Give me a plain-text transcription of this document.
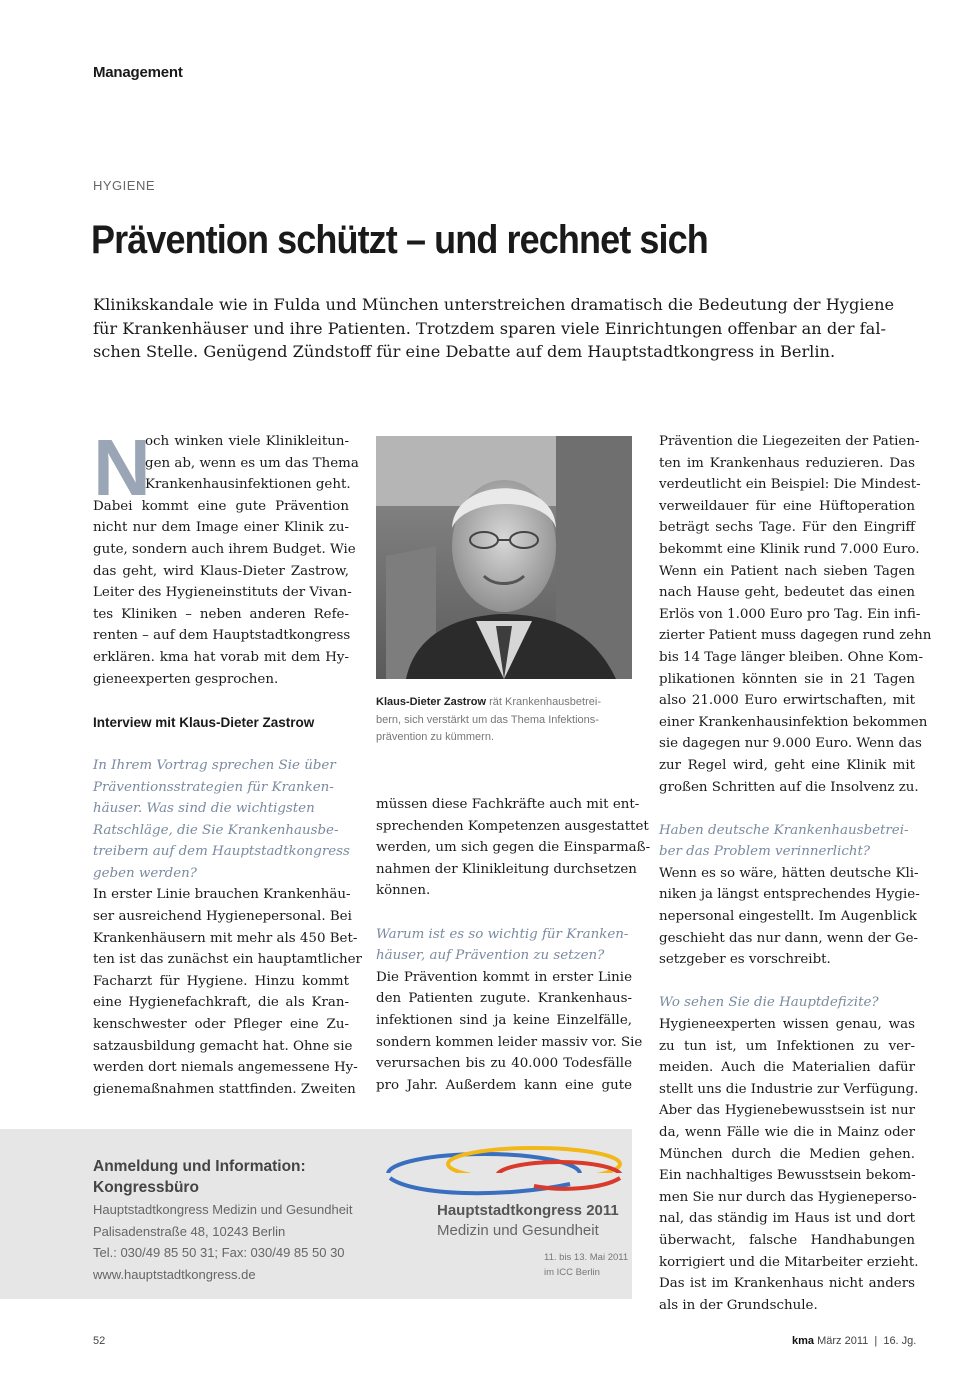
Management
HYGIENE
Prävention schützt – und rechnet sich
Klinikskandale wie in Fulda und München unterstreichen dramatisch die Bedeutung der Hygiene
für Krankenhäuser und ihre Patienten. Trotzdem sparen viele Einrichtungen offenbar an der fal-
schen Stelle. Genügend Zündstoff für eine Debatte auf dem Hauptstadtkongress in Berlin.
N
och winken viele Klinikleitun-
gen ab, wenn es um das Thema
Krankenhausinfektionen geht.
Dabei kommt eine gute Prävention
nicht nur dem Image einer Klinik zu-
gute, sondern auch ihrem Budget. Wie
das geht, wird Klaus-Dieter Zastrow,
Leiter des Hygieneinstituts der Vivan-
tes Kliniken – neben anderen Refe-
renten – auf dem Hauptstadtkongress
erklären. kma hat vorab mit dem Hy-
gieneexperten gesprochen.
Interview mit Klaus-Dieter Zastrow
In Ihrem Vortrag sprechen Sie über
Präventionsstrategien für Kranken-
häuser. Was sind die wichtigsten
Ratschläge, die Sie Krankenhausbe-
treibern auf dem Hauptstadtkongress
geben werden?
In erster Linie brauchen Krankenhäu-
ser ausreichend Hygienepersonal. Bei
Krankenhäusern mit mehr als 450 Bet-
ten ist das zunächst ein hauptamtlicher
Facharzt für Hygiene. Hinzu kommt
eine Hygienefachkraft, die als Kran-
kenschwester oder Pfleger eine Zu-
satzausbildung gemacht hat. Ohne sie
werden dort niemals angemessene Hy-
gienemaßnahmen stattfinden. Zweiten
Klaus-Dieter Zastrow rät Krankenhausbetrei-
bern, sich verstärkt um das Thema Infektions-
prävention zu kümmern.
müssen diese Fachkräfte auch mit ent-
sprechenden Kompetenzen ausgestattet
werden, um sich gegen die Einsparmaß-
nahmen der Klinikleitung durchsetzen
können.
Warum ist es so wichtig für Kranken-
häuser, auf Prävention zu setzen?
Die Prävention kommt in erster Linie
den Patienten zugute. Krankenhaus-
infektionen sind ja keine Einzelfälle,
sondern kommen leider massiv vor. Sie
verursachen bis zu 40.000 Todesfälle
pro Jahr. Außerdem kann eine gute
Prävention die Liegezeiten der Patien-
ten im Krankenhaus reduzieren. Das
verdeutlicht ein Beispiel: Die Mindest-
verweildauer für eine Hüftoperation
beträgt sechs Tage. Für den Eingriff
bekommt eine Klinik rund 7.000 Euro.
Wenn ein Patient nach sieben Tagen
nach Hause geht, bedeutet das einen
Erlös von 1.000 Euro pro Tag. Ein infi-
zierter Patient muss dagegen rund zehn
bis 14 Tage länger bleiben. Ohne Kom-
plikationen könnten sie in 21 Tagen
also 21.000 Euro erwirtschaften, mit
einer Krankenhausinfektion bekommen
sie dagegen nur 9.000 Euro. Wenn das
zur Regel wird, geht eine Klinik mit
großen Schritten auf die Insolvenz zu.
Haben deutsche Krankenhausbetrei-
ber das Problem verinnerlicht?
Wenn es so wäre, hätten deutsche Kli-
niken ja längst entsprechendes Hygie-
nepersonal eingestellt. Im Augenblick
geschieht das nur dann, wenn der Ge-
setzgeber es vorschreibt.
Wo sehen Sie die Hauptdefizite?
Hygieneexperten wissen genau, was
zu tun ist, um Infektionen zu ver-
meiden. Auch die Materialien dafür
stellt uns die Industrie zur Verfügung.
Aber das Hygienebewusstsein ist nur
da, wenn Fälle wie die in Mainz oder
München durch die Medien gehen.
Ein nachhaltiges Bewusstsein bekom-
men Sie nur durch das Hygieneperso-
nal, das ständig im Haus ist und dort
überwacht, falsche Handhabungen
korrigiert und die Mitarbeiter erzieht.
Das ist im Krankenhaus nicht anders
als in der Grundschule.
Anmeldung und Information:
Kongressbüro
Hauptstadtkongress Medizin und Gesundheit
Palisadenstraße 48, 10243 Berlin
Tel.: 030/49 85 50 31; Fax: 030/49 85 50 30
www.hauptstadtkongress.de
Hauptstadtkongress 2011
Medizin und Gesundheit
11. bis 13. Mai 2011
im ICC Berlin
52	kma März 2011  |  16. Jg.
